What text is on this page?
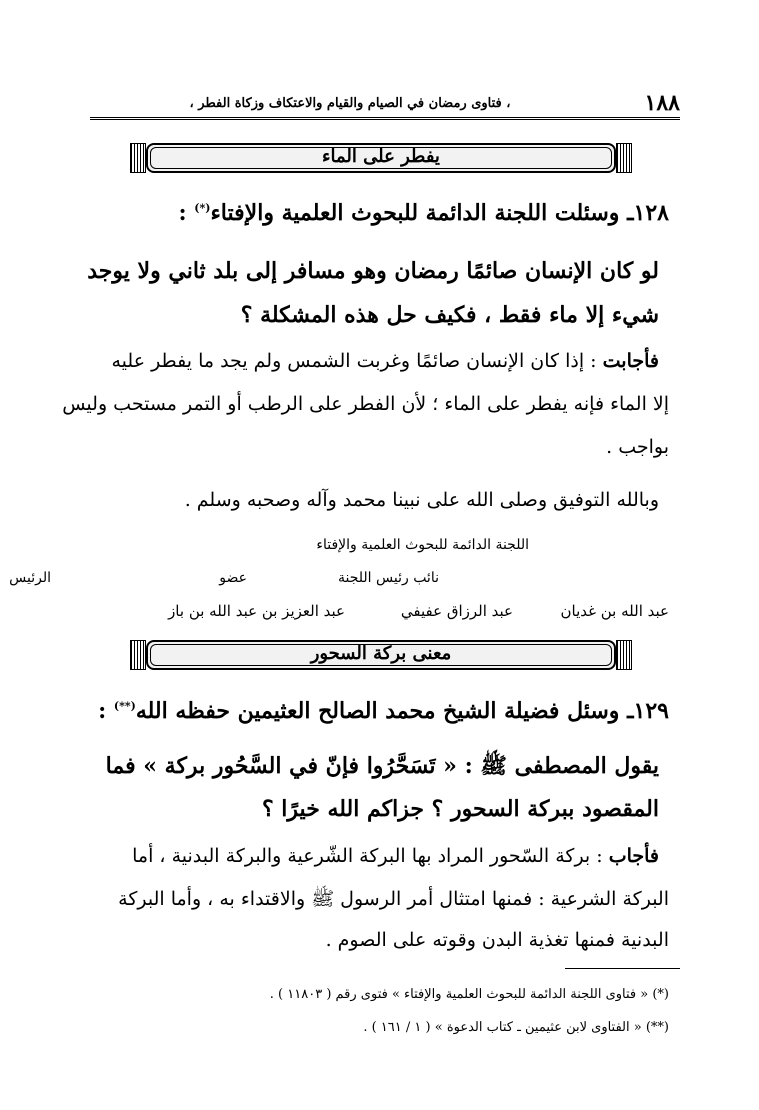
١٨٨
، فتاوى رمضان في الصيام والقيام والاعتكاف وزكاة الفطر ،
يفطر على الماء
١٢٨ـ وسئلت اللجنة الدائمة للبحوث العلمية والإفتاء(*) :
لو كان الإنسان صائمًا رمضان وهو مسافر إلى بلد ثاني ولا يوجد
شيء إلا ماء فقط ، فكيف حل هذه المشكلة ؟
فأجابت : إذا كان الإنسان صائمًا وغربت الشمس ولم يجد ما يفطر عليه
إلا الماء فإنه يفطر على الماء ؛ لأن الفطر على الرطب أو التمر مستحب وليس
بواجب .
وبالله التوفيق وصلى الله على نبينا محمد وآله وصحبه وسلم .
اللجنة الدائمة للبحوث العلمية والإفتاء
عضو	نائب رئيس اللجنة
الرئيس
عبد الله بن غديان
عبد الرزاق عفيفي
عبد العزيز بن عبد الله بن باز
معنى بركة السحور
١٢٩ـ وسئل فضيلة الشيخ محمد الصالح العثيمين حفظه الله(**) :
يقول المصطفى ﷺ : « تَسَحَّرُوا فإنّ في السَّحُور بركة » فما
المقصود ببركة السحور ؟ جزاكم الله خيرًا ؟
فأجاب : بركة السّحور المراد بها البركة الشّرعية والبركة البدنية ، أما
البركة الشرعية : فمنها امتثال أمر الرسول ﷺ والاقتداء به ، وأما البركة
البدنية فمنها تغذية البدن وقوته على الصوم .
(*) « فتاوى اللجنة الدائمة للبحوث العلمية والإفتاء » فتوى رقم ( ١١٨٠٣ ) .
(**) « الفتاوى لابن عثيمين ـ كتاب الدعوة » ( ١ / ١٦١ ) .
